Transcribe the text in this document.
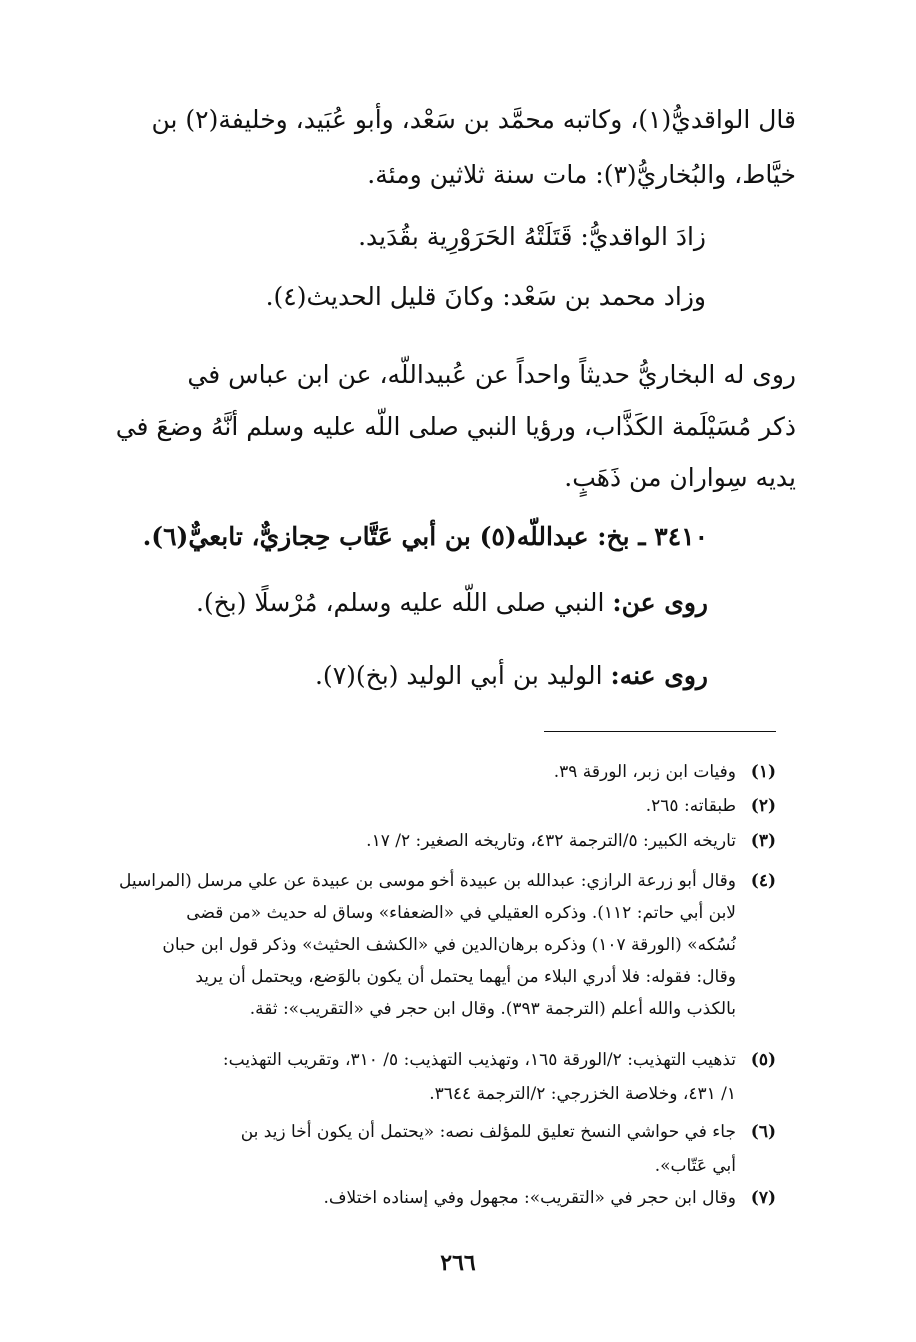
قال الواقديُّ(١)، وكاتبه محمَّد بن سَعْد، وأبو عُبَيد، وخليفة(٢) بن
خيَّاط، والبُخاريُّ(٣): مات سنة ثلاثين ومئة.
زادَ الواقديُّ: قَتَلَتْهُ الحَرَوْرِية بقُدَيد.
وزاد محمد بن سَعْد: وكانَ قليل الحديث(٤).
روى له البخاريُّ حديثاً واحداً عن عُبيداللّه، عن ابن عباس في
ذكر مُسَيْلَمة الكَذَّاب، ورؤيا النبي صلى اللّه عليه وسلم أنَّهُ وضعَ في
يديه سِواران من ذَهَبٍ.
٣٤١٠ ـ بخ: عبداللّه(٥) بن أبي عَتَّاب حِجازيٌّ، تابعيٌّ(٦).
روى عن: النبي صلى اللّه عليه وسلم، مُرْسلًا (بخ).
روى عنه: الوليد بن أبي الوليد (بخ)(٧).
(١)
وفيات ابن زبر، الورقة ٣٩.
(٢)
طبقاته: ٢٦٥.
(٣)
تاريخه الكبير: ٥/الترجمة ٤٣٢، وتاريخه الصغير: ٢/ ١٧.
(٤)
وقال أبو زرعة الرازي: عبدالله بن عبيدة أخو موسى بن عبيدة عن علي مرسل (المراسيل
لابن أبي حاتم: ١١٢). وذكره العقيلي في «الضعفاء» وساق له حديث «من قضى
نُسُكه» (الورقة ١٠٧) وذكره برهان‌الدين في «الكشف الحثيث» وذكر قول ابن حبان
وقال: فقوله: فلا أدري البلاء من أيهما يحتمل أن يكون بالوَضع، ويحتمل أن يريد
بالكذب والله أعلم (الترجمة ٣٩٣). وقال ابن حجر في «التقريب»: ثقة.
(٥)
تذهيب التهذيب: ٢/الورقة ١٦٥، وتهذيب التهذيب: ٥/ ٣١٠، وتقريب التهذيب:
١/ ٤٣١، وخلاصة الخزرجي: ٢/الترجمة ٣٦٤٤.
(٦)
جاء في حواشي النسخ تعليق للمؤلف نصه: «يحتمل أن يكون أخا زيد بن
أبي عَتّاب».
(٧)
وقال ابن حجر في «التقريب»: مجهول وفي إسناده اختلاف.
٢٦٦
